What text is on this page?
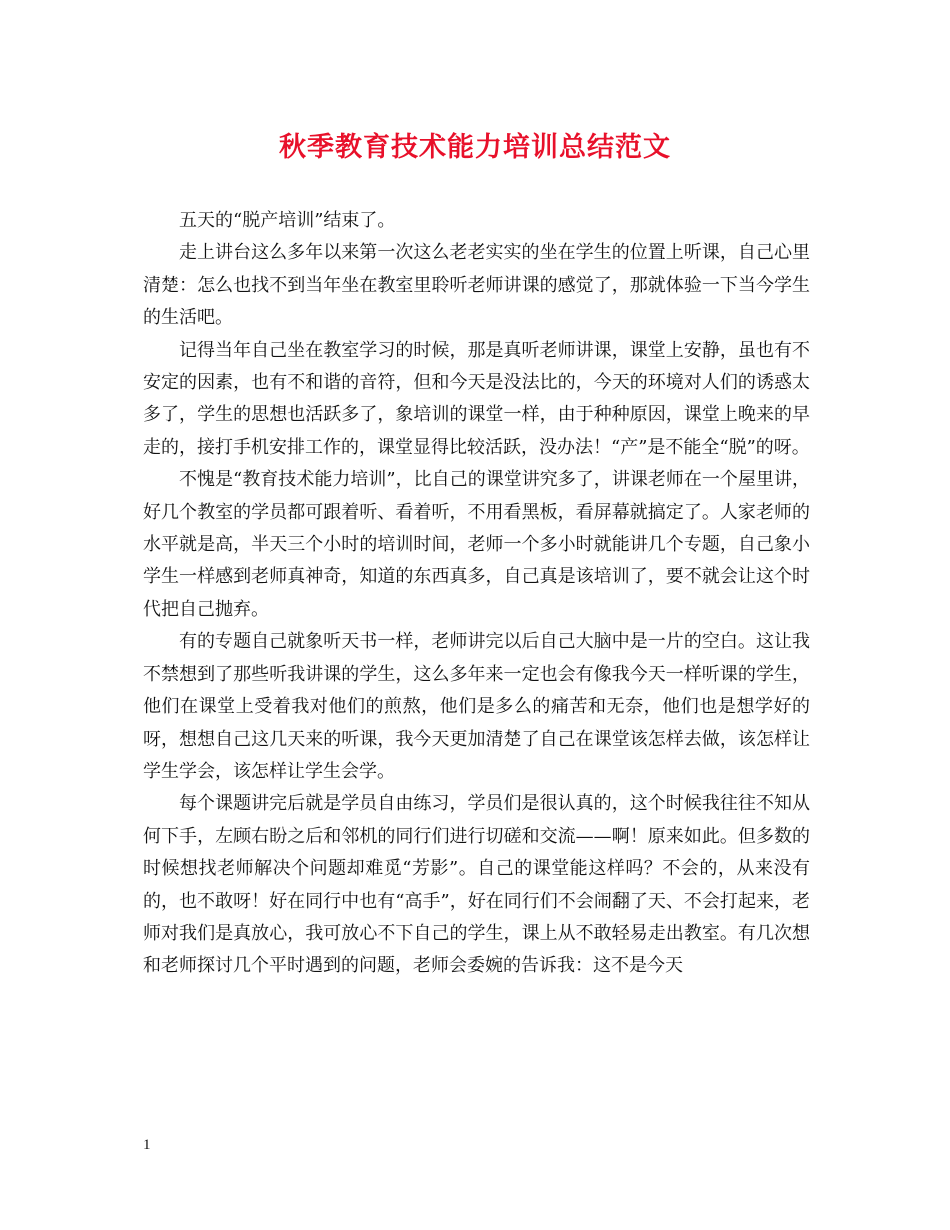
秋季教育技术能力培训总结范文

五天的“脱产培训”结束了。

走上讲台这么多年以来第一次这么老老实实的坐在学生的位置上听课，自己心里清楚：怎么也找不到当年坐在教室里聆听老师讲课的感觉了，那就体验一下当今学生的生活吧。

记得当年自己坐在教室学习的时候，那是真听老师讲课，课堂上安静，虽也有不安定的因素，也有不和谐的音符，但和今天是没法比的，今天的环境对人们的诱惑太多了，学生的思想也活跃多了，象培训的课堂一样，由于种种原因，课堂上晚来的早走的，接打手机安排工作的，课堂显得比较活跃，没办法！“产”是不能全“脱”的呀。

不愧是“教育技术能力培训”，比自己的课堂讲究多了，讲课老师在一个屋里讲，好几个教室的学员都可跟着听、看着听，不用看黑板，看屏幕就搞定了。人家老师的水平就是高，半天三个小时的培训时间，老师一个多小时就能讲几个专题，自己象小学生一样感到老师真神奇，知道的东西真多，自己真是该培训了，要不就会让这个时代把自己抛弃。

有的专题自己就象听天书一样，老师讲完以后自己大脑中是一片的空白。这让我不禁想到了那些听我讲课的学生，这么多年来一定也会有像我今天一样听课的学生，他们在课堂上受着我对他们的煎熬，他们是多么的痛苦和无奈，他们也是想学好的呀，想想自己这几天来的听课，我今天更加清楚了自己在课堂该怎样去做，该怎样让学生学会，该怎样让学生会学。

每个课题讲完后就是学员自由练习，学员们是很认真的，这个时候我往往不知从何下手，左顾右盼之后和邻机的同行们进行切磋和交流——啊！原来如此。但多数的时候想找老师解决个问题却难觅“芳影”。自己的课堂能这样吗？不会的，从来没有的，也不敢呀！好在同行中也有“高手”，好在同行们不会闹翻了天、不会打起来，老师对我们是真放心，我可放心不下自己的学生，课上从不敢轻易走出教室。有几次想和老师探讨几个平时遇到的问题，老师会委婉的告诉我：这不是今天

1
